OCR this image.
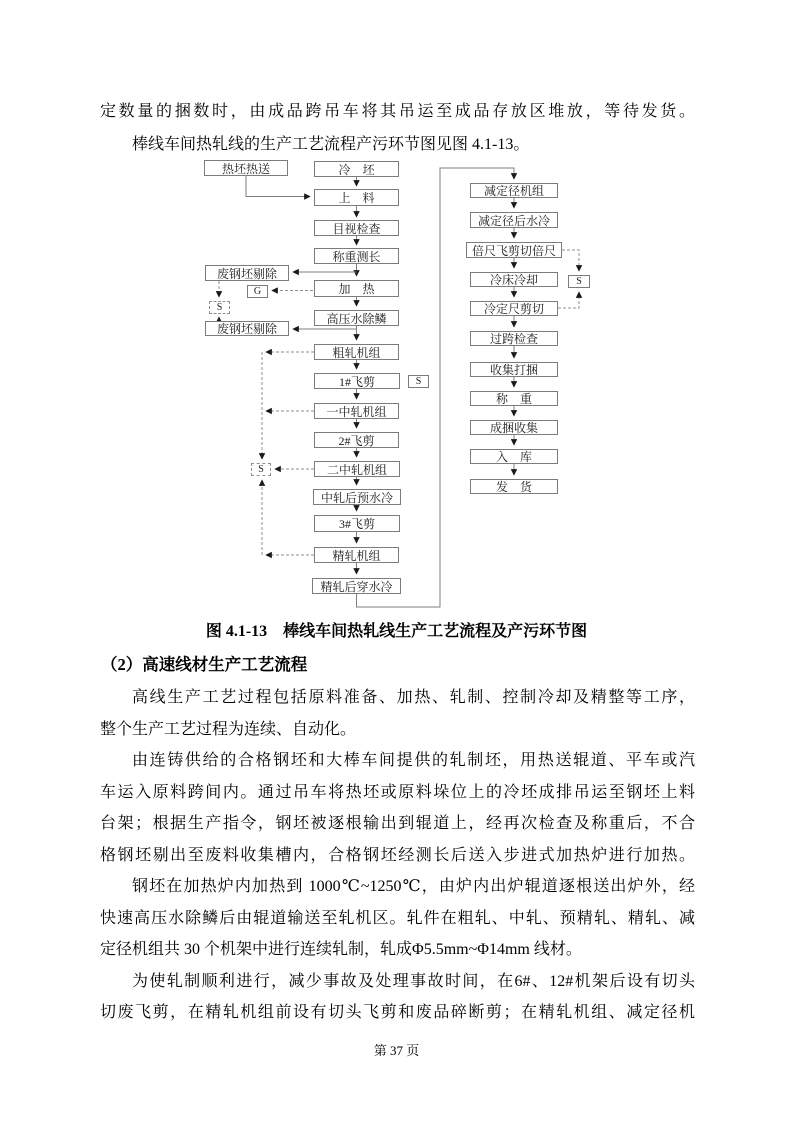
定数量的捆数时，由成品跨吊车将其吊运至成品存放区堆放，等待发货。
棒线车间热轧线的生产工艺流程产污环节图见图 4.1-13。
热坯热送	冷　坯
上　料
目视检查
称重测长
加　热
高压水除鳞
粗轧机组
1#飞剪
一中轧机组
2#飞剪
二中轧机组
中轧后预水冷
3#飞剪
精轧机组
精轧后穿水冷
废钢坯剔除
G
S
废钢坯剔除
S
S
减定径机组
减定径后水冷
倍尺飞剪切倍尺
冷床冷却
冷定尺剪切
过跨检查
收集打捆
称　重
成捆收集
入　库
发　货
S
图 4.1-13　棒线车间热轧线生产工艺流程及产污环节图
（2）高速线材生产工艺流程
高线生产工艺过程包括原料准备、加热、轧制、控制冷却及精整等工序，
整个生产工艺过程为连续、自动化。
由连铸供给的合格钢坯和大棒车间提供的轧制坯，用热送辊道、平车或汽
车运入原料跨间内。通过吊车将热坯或原料垛位上的冷坯成排吊运至钢坯上料
台架；根据生产指令，钢坯被逐根输出到辊道上，经再次检查及称重后，不合
格钢坯剔出至废料收集槽内，合格钢坯经测长后送入步进式加热炉进行加热。
钢坯在加热炉内加热到 1000℃~1250℃，由炉内出炉辊道逐根送出炉外，经
快速高压水除鳞后由辊道输送至轧机区。轧件在粗轧、中轧、预精轧、精轧、减
定径机组共 30 个机架中进行连续轧制，轧成Φ5.5mm~Φ14mm 线材。
为使轧制顺利进行，减少事故及处理事故时间，在6#、12#机架后设有切头
切废飞剪，在精轧机组前设有切头飞剪和废品碎断剪；在精轧机组、减定径机
第 37 页
